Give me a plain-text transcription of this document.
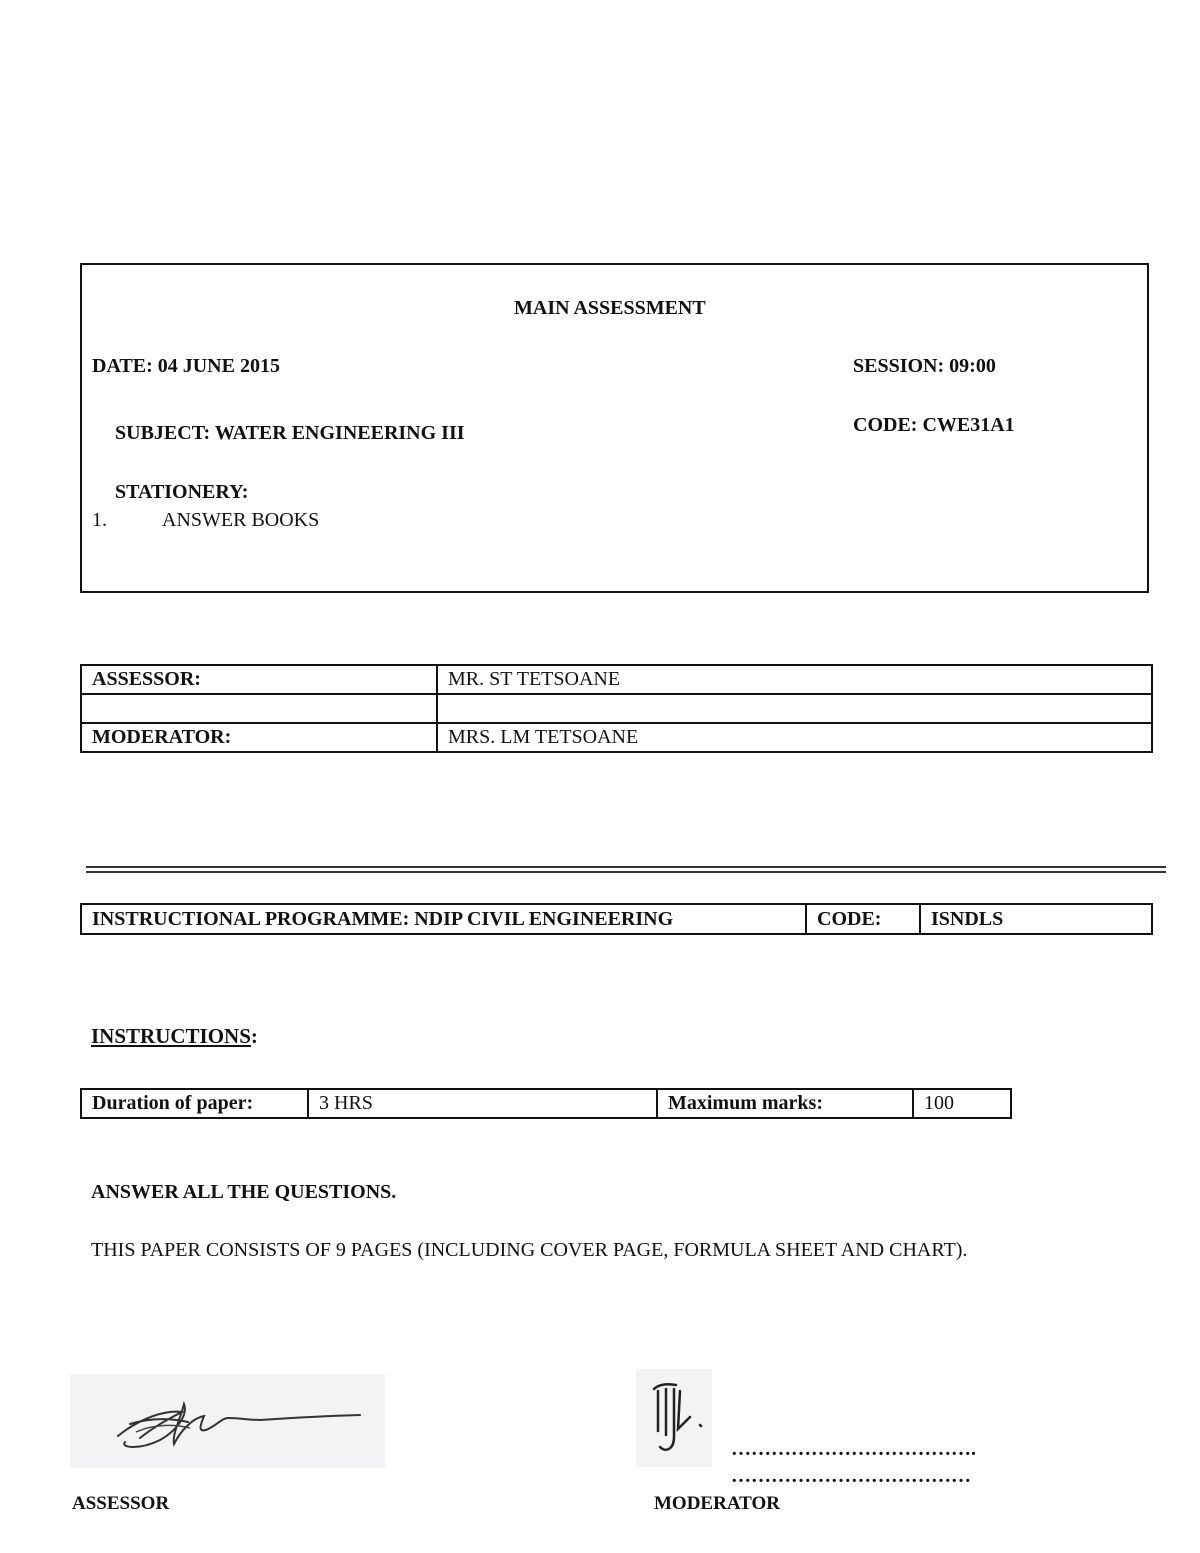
MAIN ASSESSMENT
DATE: 04 JUNE 2015	SESSION: 09:00
CODE: CWE31A1
SUBJECT: WATER ENGINEERING III
STATIONERY:
1.	ANSWER BOOKS
ASSESSOR:	MR. ST TETSOANE

MODERATOR:	MRS. LM TETSOANE
INSTRUCTIONAL PROGRAMME: NDIP CIVIL ENGINEERING	CODE:	ISNDLS
INSTRUCTIONS:
Duration of paper:	3 HRS	Maximum marks:	100
ANSWER ALL THE QUESTIONS.
THIS PAPER CONSISTS OF 9 PAGES (INCLUDING COVER PAGE, FORMULA SHEET AND CHART).
ASSESSOR
……………………………….
………………………………
MODERATOR
